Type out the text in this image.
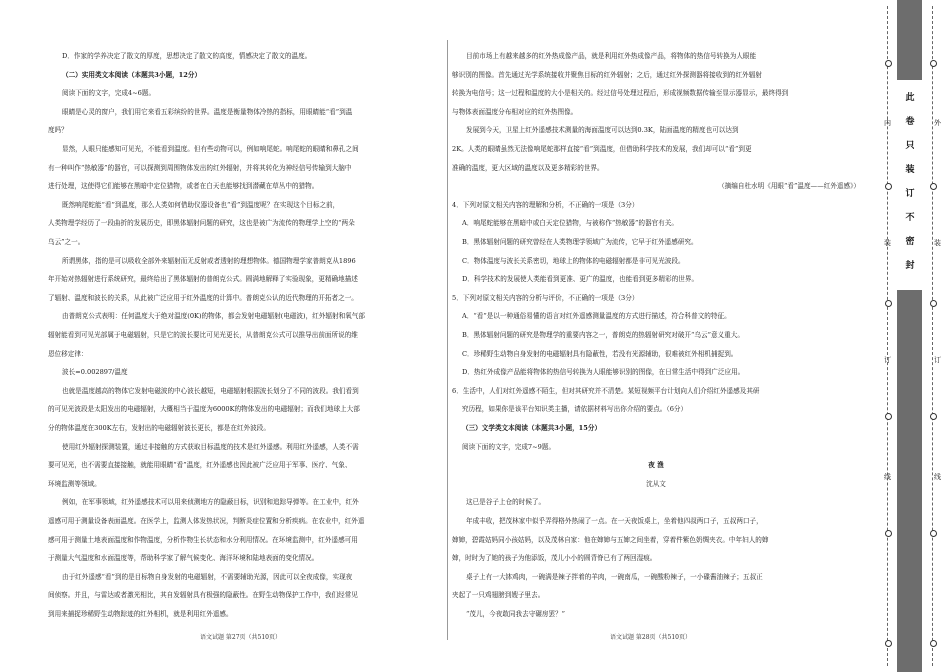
D．作家的学养决定了散文的厚度，思想决定了散文的高度，情感决定了散文的温度。
（二）实用类文本阅读（本题共3小题，12分）
阅读下面的文字，完成4~6题。
眼睛是心灵的窗户，我们用它来看五彩缤纷的世界。温度是衡量物体冷热的指标，用眼睛能“看”到温
度吗？
显然，人眼只能感知可见光，不能看到温度。但有些动物可以，例如响尾蛇。响尾蛇的眼睛和鼻孔之间
有一种叫作“热敏器”的器官，可以探测到周围物体发出的红外辐射，并将其转化为神经信号传输到大脑中
进行处理，这使得它们能够在黑暗中定位猎物，或者在白天也能够找到潜藏在草丛中的猎物。
既然响尾蛇能“看”到温度，那么人类如何借助仪器设备也“看”到温度呢？在实现这个目标之前，
人类物理学经历了一段曲折的发展历史，即黑体辐射问题的研究，这也是被广为流传的物理学上空的“两朵
乌云”之一。
所谓黑体，指的是可以吸收全部外来辐射而无反射或者透射的理想物体。德国物理学家普朗克从1896
年开始对热辐射进行系统研究，最终给出了黑体辐射的普朗克公式。圆满地解释了实验现象，更精确地描述
了辐射、温度和波长的关系，从此被广泛应用于红外温度的计算中。普朗克公认的近代物理的开拓者之一。
由普朗克公式表明：任何温度大于绝对温度(0K)的物体，都会发射电磁辐射(电磁波)，红外辐射和氧气部
辐射能看到可见光部属于电磁辐射，只是它的波长要比可见光更长，从普朗克公式可以推导出前面所说的维
恩位移定律：
波长=0.002897/温度
也就是温度越高的物体它发射电磁波的中心波长越短，电磁辐射根据波长划分了不同的波段。我们看到
的可见光波段是太阳发出的电磁辐射，大概相当于温度为6000K的物体发出的电磁辐射；而我们地球上大部
分的物体温度在300K左右，发射出的电磁辐射波长更长，都是在红外波段。
使用红外辐射探测装置，通过非接触的方式获取目标温度的技术是红外遥感。利用红外遥感，人类不需
要可见光，也不需要直接接触，就能用眼睛“看”温度，红外遥感也因此被广泛应用于军事、医疗、气象、
环境监测等领域。
例如，在军事领域，红外遥感技术可以用来侦测地方的隐蔽目标，识别和追踪导弹等。在工业中，红外
遥感可用于测量设备表面温度。在医学上，监测人体发热状况，判断炎症位置和分析疾病。在农业中，红外遥
感可用于测量土地表面温度和作物温度，分析作物生长状态和水分利用情况。在环境监测中，红外遥感可用
于测量大气温度和水面温度等，帮助科学家了解气候变化、海洋环境和陆地表面的变化情况。
由于红外遥感“看”到的是目标物自身发射的电磁辐射，不需要辅助光源，因此可以全夜成像，实现夜
间侦察。并且，与雷达或者激光相比，其自发辐射具有极强的隐蔽性。在野生动物保护工作中，我们经常见
到用来捕捉珍稀野生动物踪迹的红外相机，就是利用红外遥感。
目前市场上有越来越多的红外热成像产品，就是利用红外热成像产品，将物体的热信号转换为人眼能
够识别的图像。首先通过光学系统接收并聚焦目标的红外辐射；之后，通过红外探测器将接收到的红外辐射
转换为电信号；这一过程和温度的大小是相关的。经过信号处理过程后，形成视频数据传输至显示器显示，最终得到
与物体表面温度分布相对应的红外热图像。
发展到今天，卫星上红外遥感技术测量的海面温度可以达到0.3K，陆面温度的精度也可以达到
2K。人类的眼睛虽然无法像响尾蛇那样直接“看”到温度，但借助科学技术的发展，我们却可以“看”到更
准确的温度，更大区域的温度以及更多精彩的世界。
（摘编自杜水明《用眼“看”温度——红外遥感》）
4．下列对原文相关内容的理解和分析，不正确的一项是（3分）
A．响尾蛇能够在黑暗中或白天定位猎物，与被称作“热敏器”的器官有关。
B．黑体辐射问题的研究曾经在人类物理学领域广为流传，它早于红外遥感研究。
C．物体温度与波长关系密切，地球上的物体的电磁辐射都是非可见光波段。
D．科学技术的发展使人类能看到更准、更广的温度，也能看到更多精彩的世界。
5．下列对原文相关内容的分析与评价，不正确的一项是（3分）
A．“看”是以一种通俗易懂的语言对红外遥感测量温度的方式进行描述，符合科普文的特征。
B．黑体辐射问题的研究是物理学的重要内容之一，普朗克的热辐射研究对破开“乌云”意义重大。
C．珍稀野生动物自身发射的电磁辐射具有隐蔽性，若没有光源辅助，很难被红外相机捕捉到。
D．热红外成像产品能将物体的热信号转换为人眼能够识别的图像，在日常生活中得到广泛应用。
6．生活中，人们对红外遥感不陌生，但对其研究并不清楚。某短视频平台计划向人们介绍红外遥感及其研
究历程，如果你是该平台知识类主播，请依据材料写出你介绍的要点。（6分）
（三）文学类文本阅读（本题共3小题，15分）
阅读下面的文字，完成7~9题。
夜 渔
沈从文
这已是谷子上仓的时候了。
年成丰收，把茂林家中似乎弄得格外热闹了一点。在一天夜饭桌上，坐着他四叔两口子，五叔两口子，
婶婶，碧霞姑妈同小孩姑妈，以及茂林自家：他在婶婶与五婶之间坐着，穿着件紫色奶绸夹衣。中年妇人的婶
婶，时时为了她的孩子为他添饭，茂儿小小的圆背脊已有了两回湿痕。
桌子上有一大钵鸡肉，一碗满是辣子拌着的羊肉，一碗南瓜，一碗酸粉辣子，一小碟酱油辣子；五叔正
夹起了一只鸡翅膀到嫂子里去。
“茂儿，今夜敢同我去守碾房罢？”
语文试题 第27页（共510页）	语文试题 第28页（共510页）
内	外
装
订
线
装
订
线
此
卷
只
装
订
不
密
封
